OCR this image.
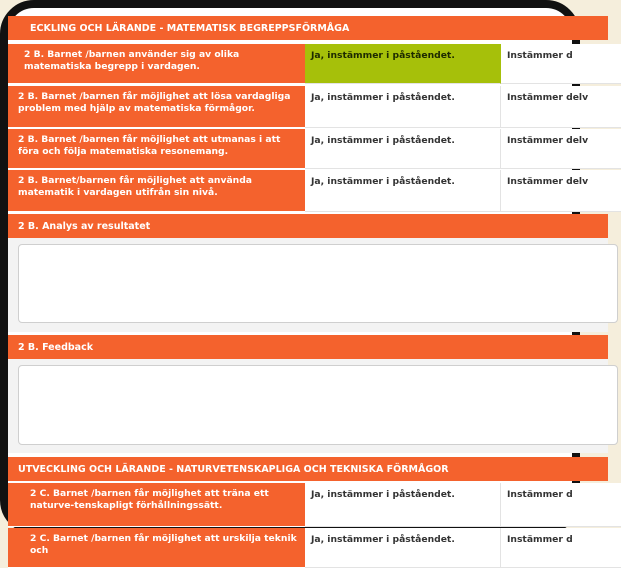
ECKLING OCH LÄRANDE - MATEMATISK BEGREPPSFÖRMÅGA
2 B. Barnet /barnen använder sig av olika matematiska begrepp i vardagen.
Ja, instämmer i påståendet.	Instämmer d
2 B. Barnet /barnen får möjlighet att lösa vardagliga problem med hjälp av matematiska förmågor.
Ja, instämmer i påståendet.	Instämmer delv
2 B. Barnet /barnen får möjlighet att utmanas i att föra och följa matematiska resonemang.
Ja, instämmer i påståendet.	Instämmer delv
2 B. Barnet/barnen får möjlighet att använda matematik i vardagen utifrån sin nivå.
Ja, instämmer i påståendet.	Instämmer delv
2 B. Analys av resultatet
2 B. Feedback
UTVECKLING OCH LÄRANDE - NATURVETENSKAPLIGA OCH TEKNISKA FÖRMÅGOR
2 C. Barnet /barnen får möjlighet att träna ett naturve-tenskapligt förhållningssätt.
Ja, instämmer i påståendet.	Instämmer d
2 C. Barnet /barnen får möjlighet att urskilja teknik och
Ja, instämmer i påståendet.	Instämmer d
